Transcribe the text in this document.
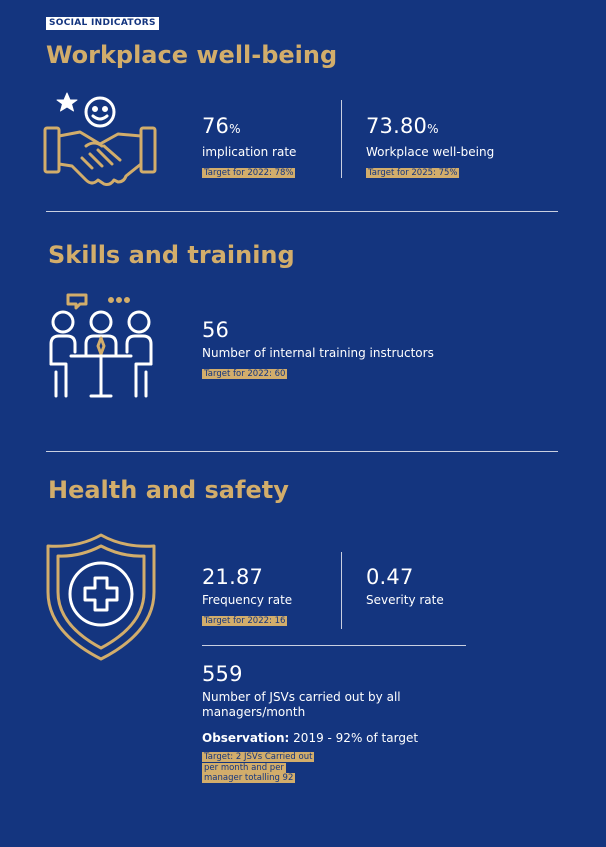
SOCIAL INDICATORS
Workplace well-being
76%
implication rate
Target for 2022: 78%
73.80%
Workplace well-being
Target for 2025: 75%
Skills and training
56
Number of internal training instructors
Target for 2022: 60
Health and safety
21.87
Frequency rate
Target for 2022: 16
0.47
Severity rate
559
Number of JSVs carried out by all managers/month
Observation: 2019 - 92% of target
Target: 2 JSVs Carried out per month and per manager totalling 92
